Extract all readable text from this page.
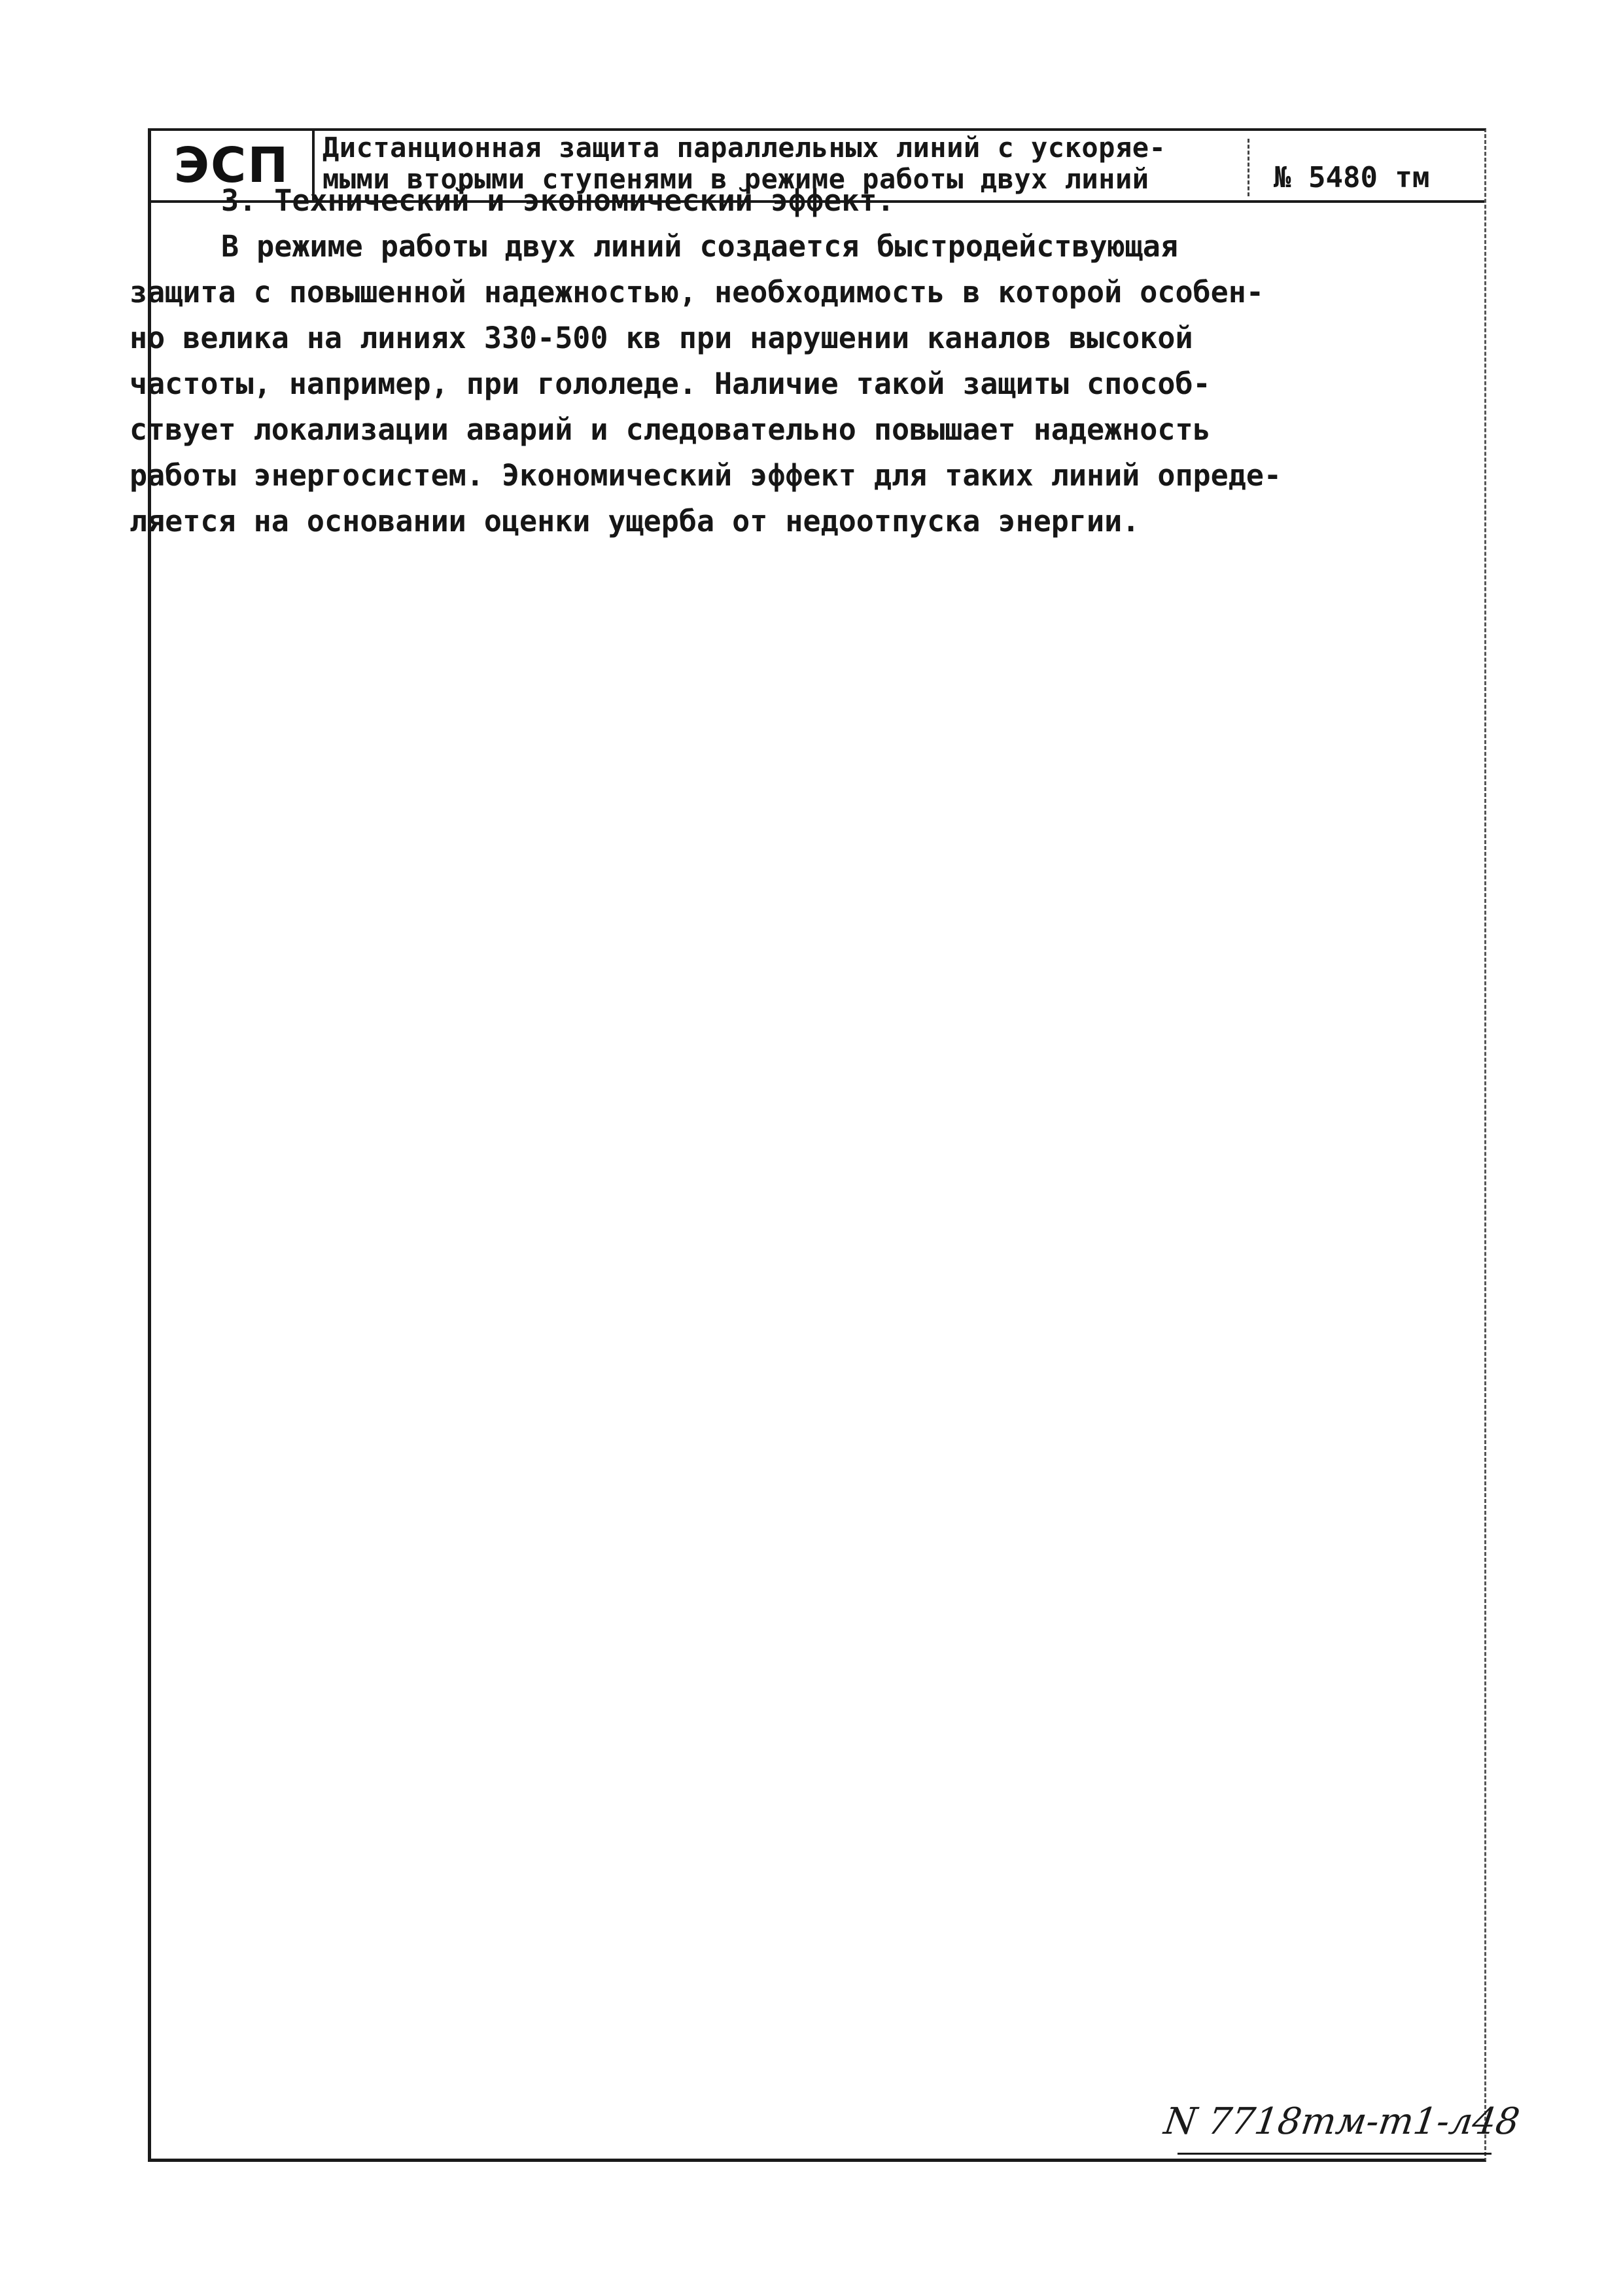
ЭСП	Дистанционная защита параллельных линий с ускоряе-
мыми вторыми ступенями в режиме работы двух линий	№ 5480 тм

3. Технический и экономический эффект.

В режиме работы двух линий создается быстродействующая
защита с повышенной надежностью, необходимость в которой особен-
но велика на линиях 330-500 кв при нарушении каналов высокой
частоты, например, при гололеде. Наличие такой защиты способ-
ствует локализации аварий и следовательно повышает надежность
работы энергосистем. Экономический эффект для таких линий опреде-
ляется на основании оценки ущерба от недоотпуска энергии.

N 7718тм-т1-л48
